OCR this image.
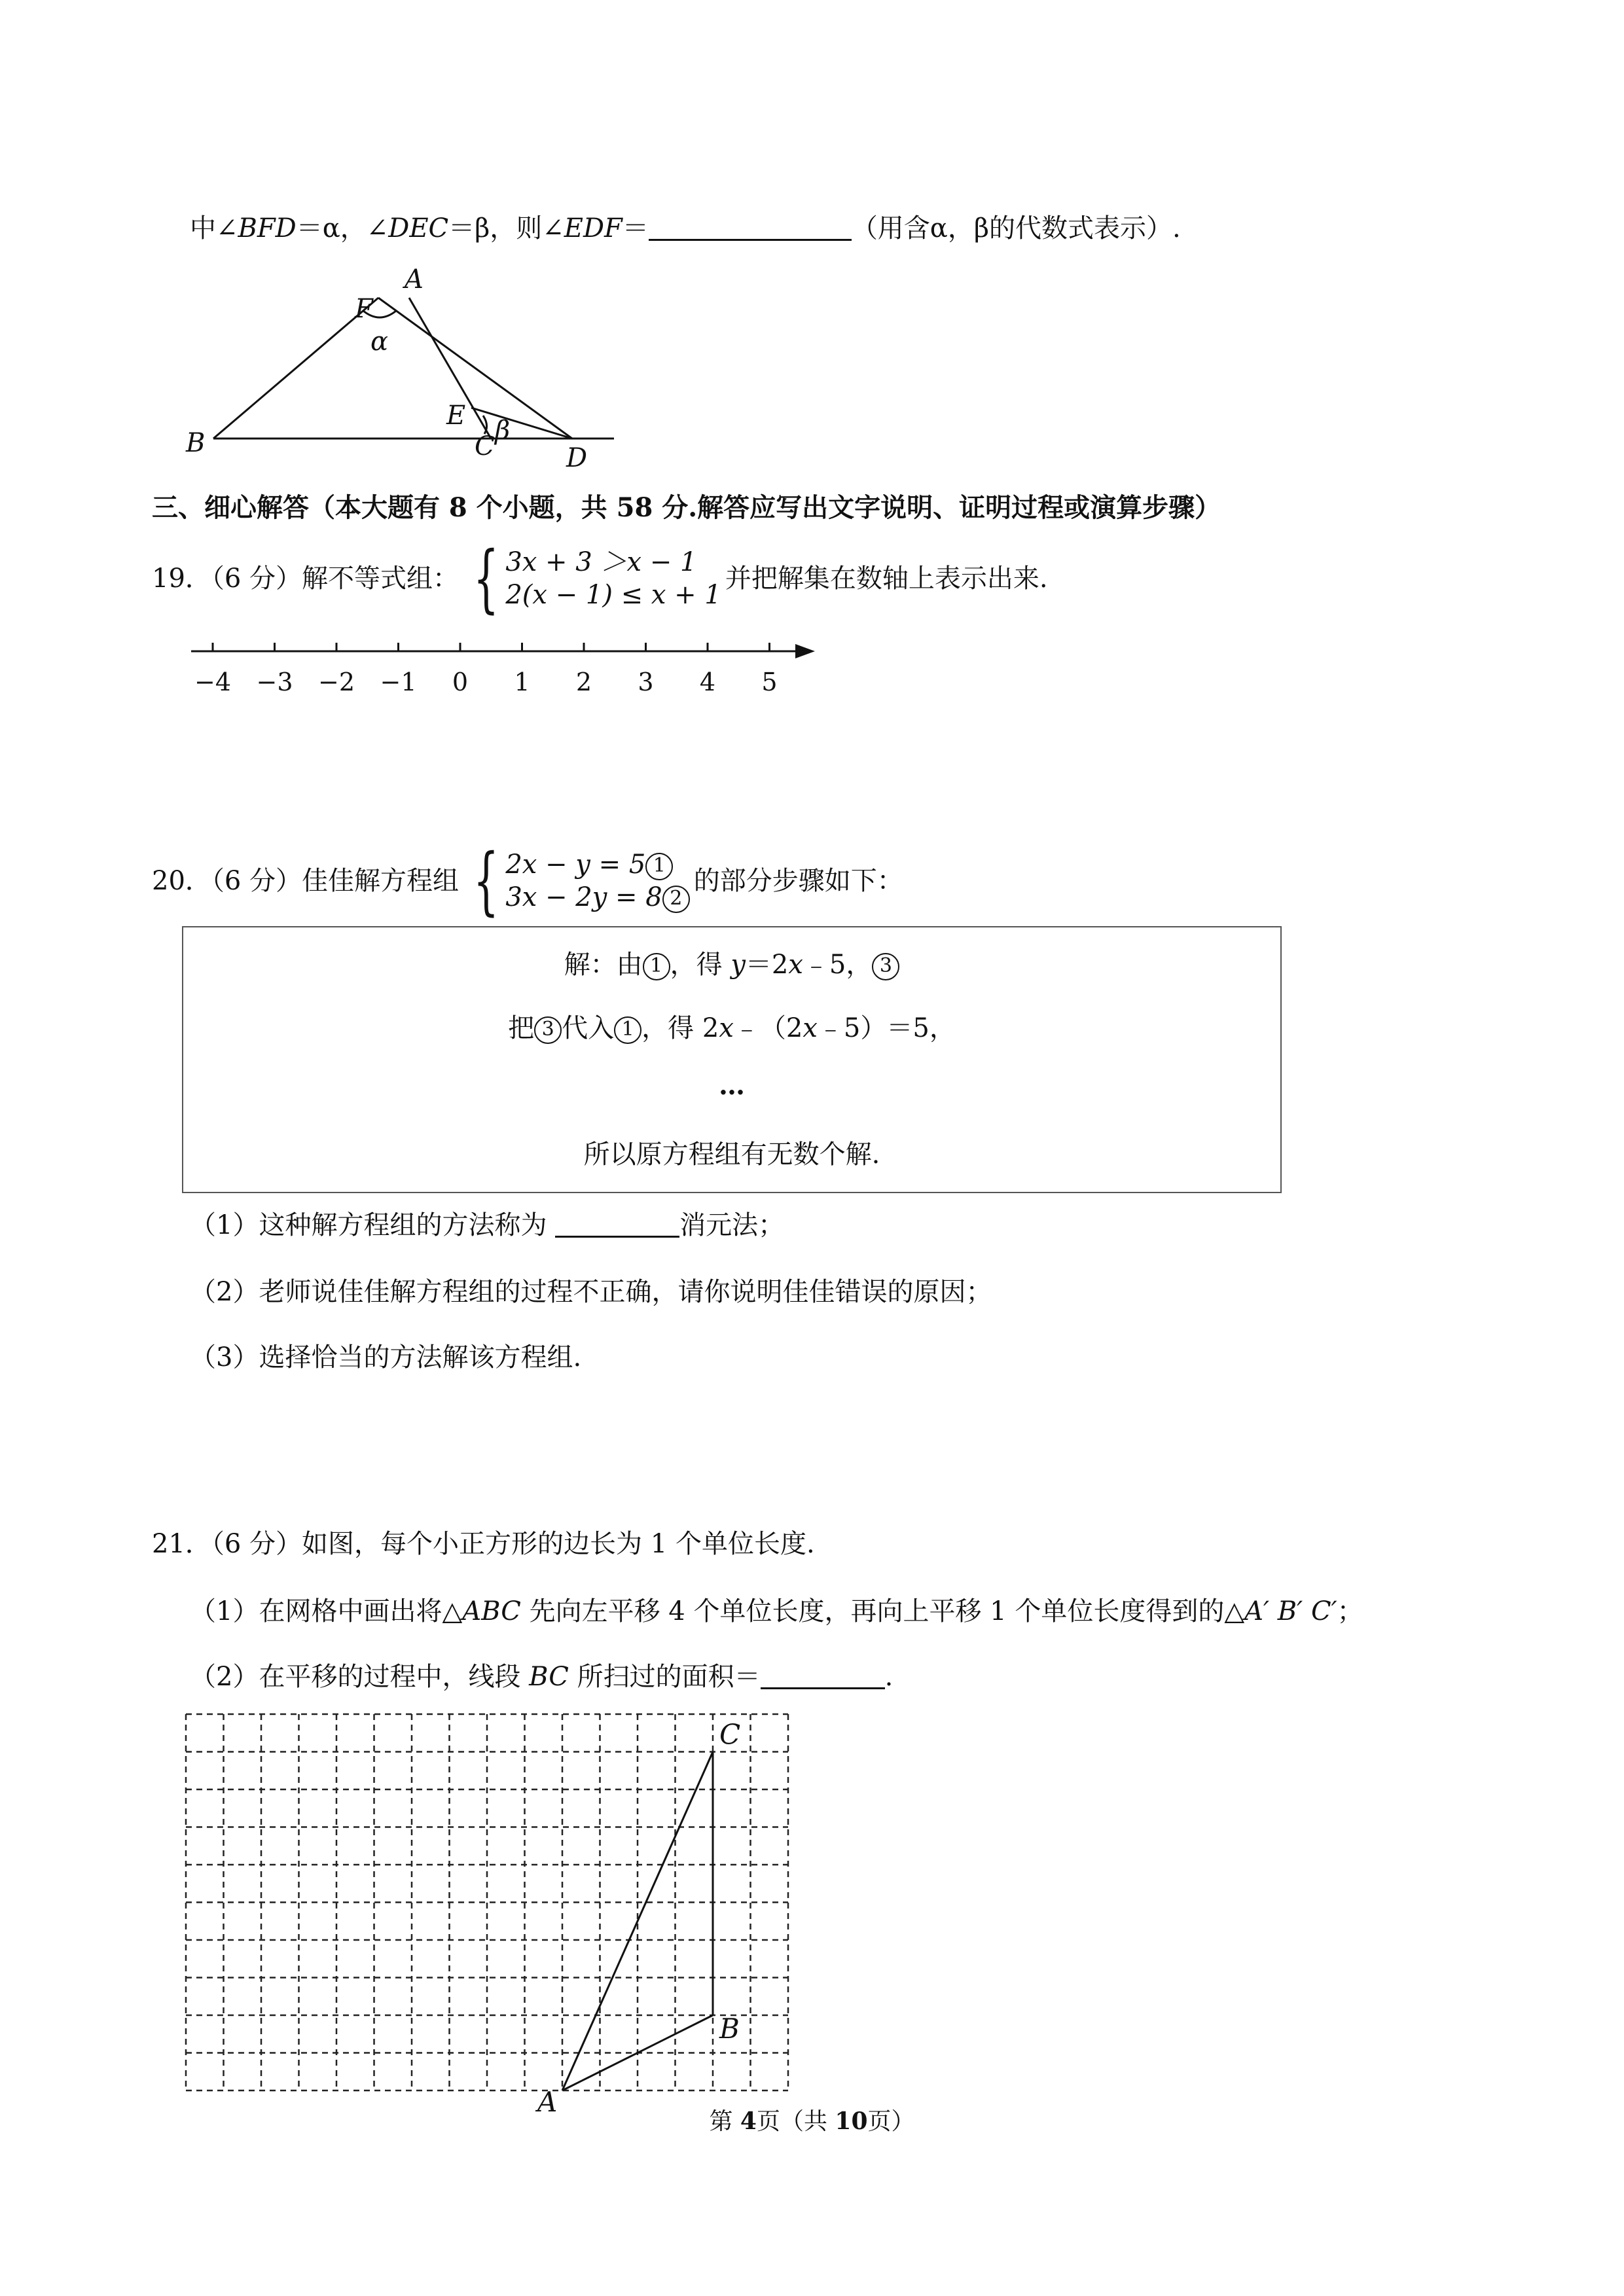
中∠BFD＝α，∠DEC＝β，则∠EDF＝	（用含α，β的代数式表示）.
A
F
α
E
C
β
B	D
三、细心解答（本大题有 8 个小题，共 58 分.解答应写出文字说明、证明过程或演算步骤）
19．（6 分）解不等式组： { 3x + 3 ＞x − 1
2(x − 1) ≤ x + 1
并把解集在数轴上表示出来.
−4 −3 −2 −1 0 1 2 3 4 5
20．（6 分）佳佳解方程组 { 2x − y = 5 1
3x − 2y = 8 2
的部分步骤如下：
解：由 1 ，得 y＝2x﹣5， 3
把 3 代入 1 ，得 2x﹣（2x﹣5）＝5，
…
所以原方程组有无数个解.
（1）这种解方程组的方法称为	消元法；
（2）老师说佳佳解方程组的过程不正确，请你说明佳佳错误的原因；
（3）选择恰当的方法解该方程组.
21．（6 分）如图，每个小正方形的边长为 1 个单位长度.
（1）在网格中画出将△ABC 先向左平移 4 个单位长度，再向上平移 1 个单位长度得到的△A′ B′ C′；
（2）在平移的过程中，线段 BC 所扫过的面积＝	.
A
B
C
第 4页（共 10页）
